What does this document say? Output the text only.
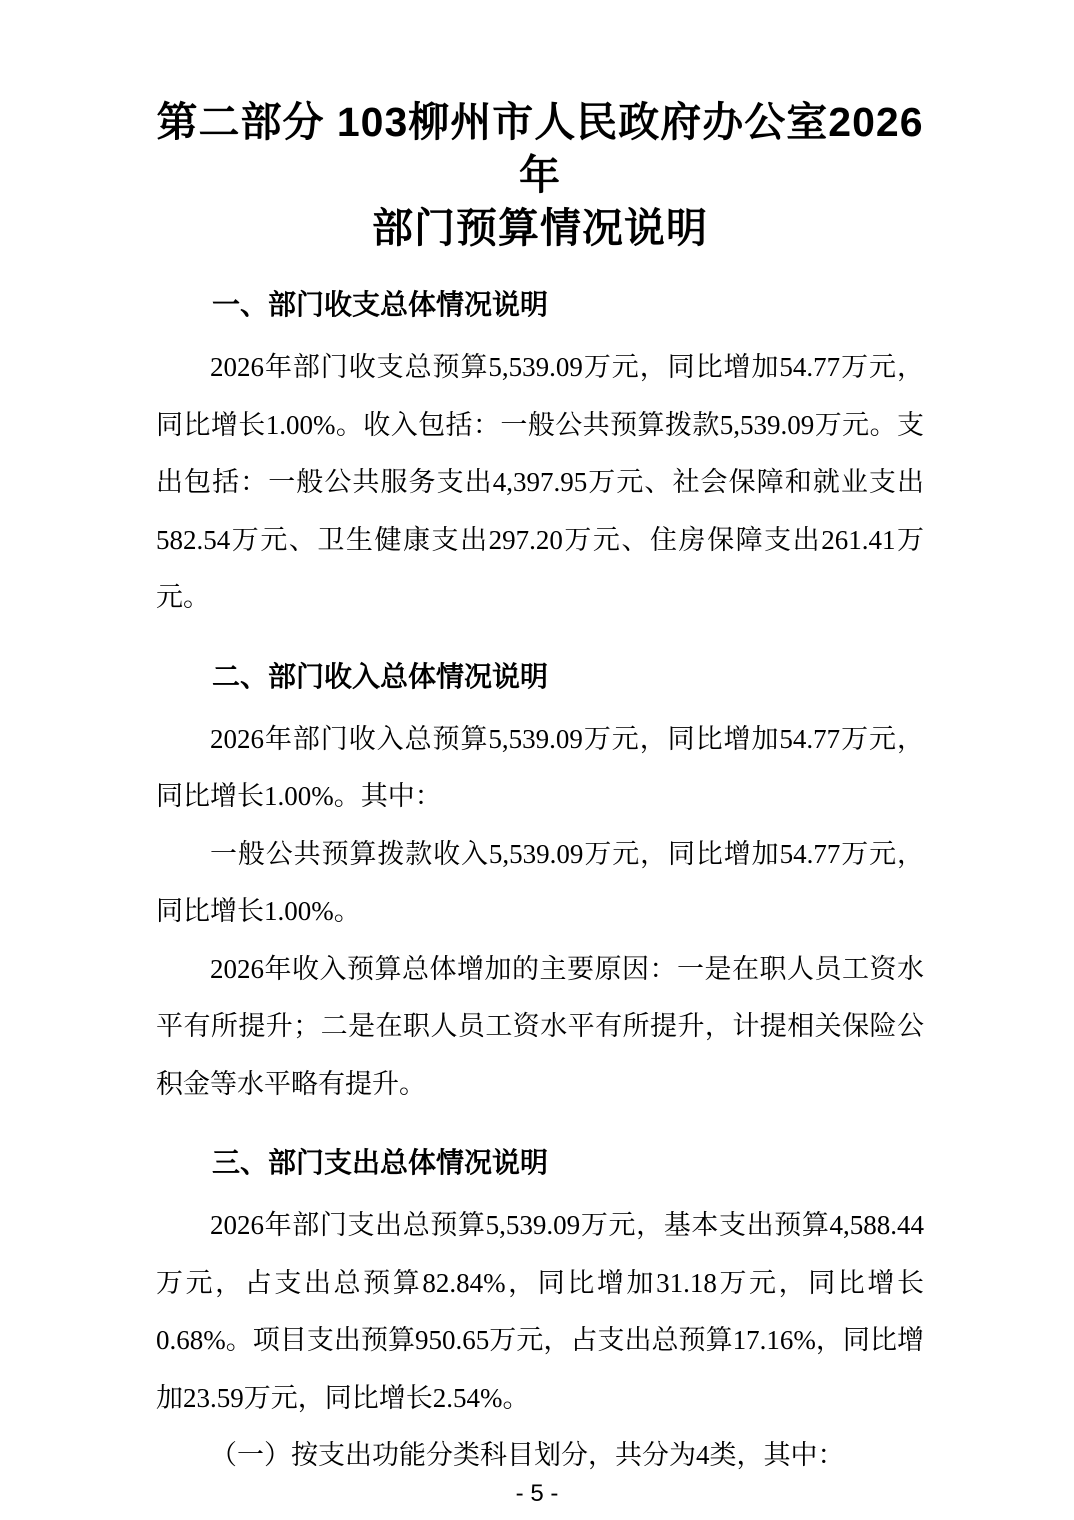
第二部分 103柳州市人民政府办公室2026年
部门预算情况说明
一、部门收支总体情况说明

2026年部门收支总预算5,539.09万元，同比增加54.77万元，同比增长1.00%。收入包括：一般公共预算拨款5,539.09万元。支出包括：一般公共服务支出4,397.95万元、社会保障和就业支出582.54万元、卫生健康支出297.20万元、住房保障支出261.41万元。

二、部门收入总体情况说明

2026年部门收入总预算5,539.09万元，同比增加54.77万元，同比增长1.00%。其中：

一般公共预算拨款收入5,539.09万元，同比增加54.77万元，同比增长1.00%。

2026年收入预算总体增加的主要原因：一是在职人员工资水平有所提升；二是在职人员工资水平有所提升，计提相关保险公积金等水平略有提升。

三、部门支出总体情况说明

2026年部门支出总预算5,539.09万元，基本支出预算4,588.44万元，占支出总预算82.84%，同比增加31.18万元，同比增长0.68%。项目支出预算950.65万元，占支出总预算17.16%，同比增加23.59万元，同比增长2.54%。

（一）按支出功能分类科目划分，共分为4类，其中：

- 5 -
